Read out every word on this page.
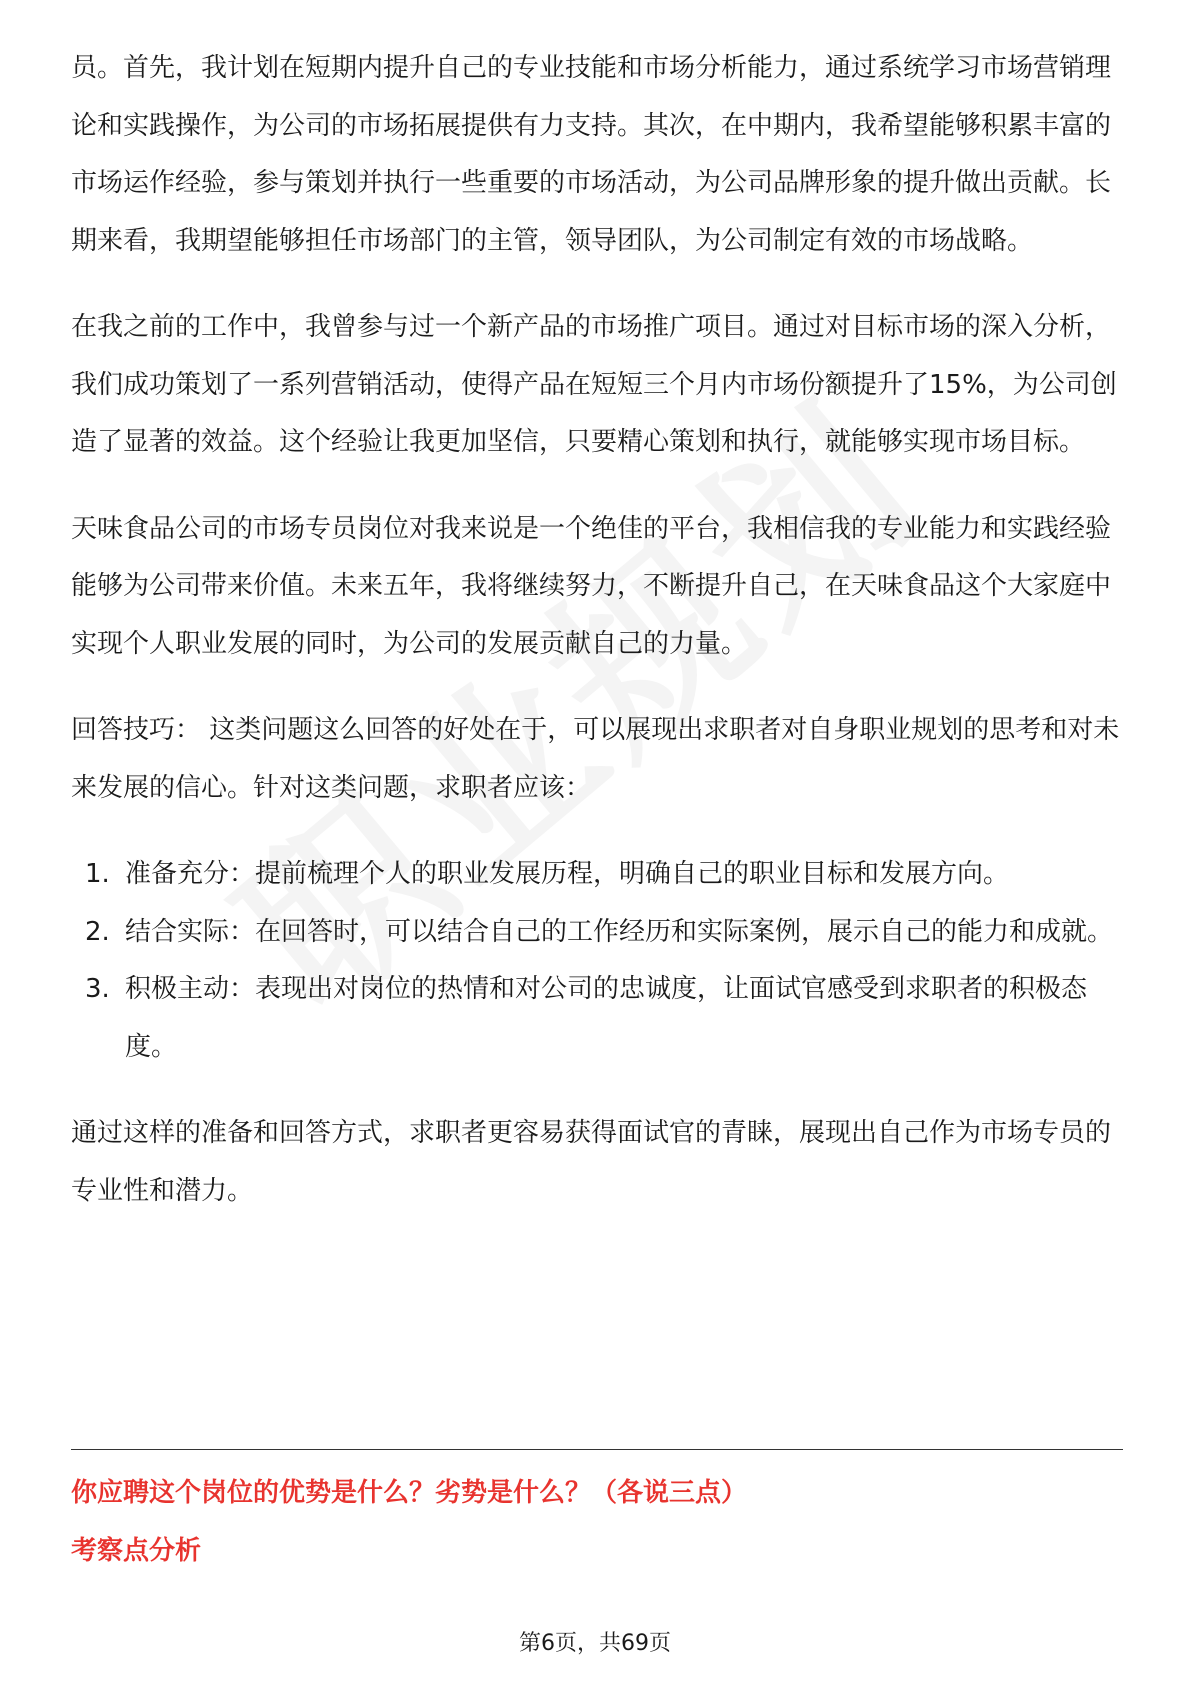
员。首先，我计划在短期内提升自己的专业技能和市场分析能力，通过系统学习市场营销理论和实践操作，为公司的市场拓展提供有力支持。其次，在中期内，我希望能够积累丰富的市场运作经验，参与策划并执行一些重要的市场活动，为公司品牌形象的提升做出贡献。长期来看，我期望能够担任市场部门的主管，领导团队，为公司制定有效的市场战略。

在我之前的工作中，我曾参与过一个新产品的市场推广项目。通过对目标市场的深入分析，我们成功策划了一系列营销活动，使得产品在短短三个月内市场份额提升了15%，为公司创造了显著的效益。这个经验让我更加坚信，只要精心策划和执行，就能够实现市场目标。

天味食品公司的市场专员岗位对我来说是一个绝佳的平台，我相信我的专业能力和实践经验能够为公司带来价值。未来五年，我将继续努力，不断提升自己，在天味食品这个大家庭中实现个人职业发展的同时，为公司的发展贡献自己的力量。

回答技巧： 这类问题这么回答的好处在于，可以展现出求职者对自身职业规划的思考和对未来发展的信心。针对这类问题，求职者应该：

1. 准备充分：提前梳理个人的职业发展历程，明确自己的职业目标和发展方向。
2. 结合实际：在回答时，可以结合自己的工作经历和实际案例，展示自己的能力和成就。
3. 积极主动：表现出对岗位的热情和对公司的忠诚度，让面试官感受到求职者的积极态度。

通过这样的准备和回答方式，求职者更容易获得面试官的青睐，展现出自己作为市场专员的专业性和潜力。

你应聘这个岗位的优势是什么？劣势是什么？（各说三点）
考察点分析
第6页，共69页
